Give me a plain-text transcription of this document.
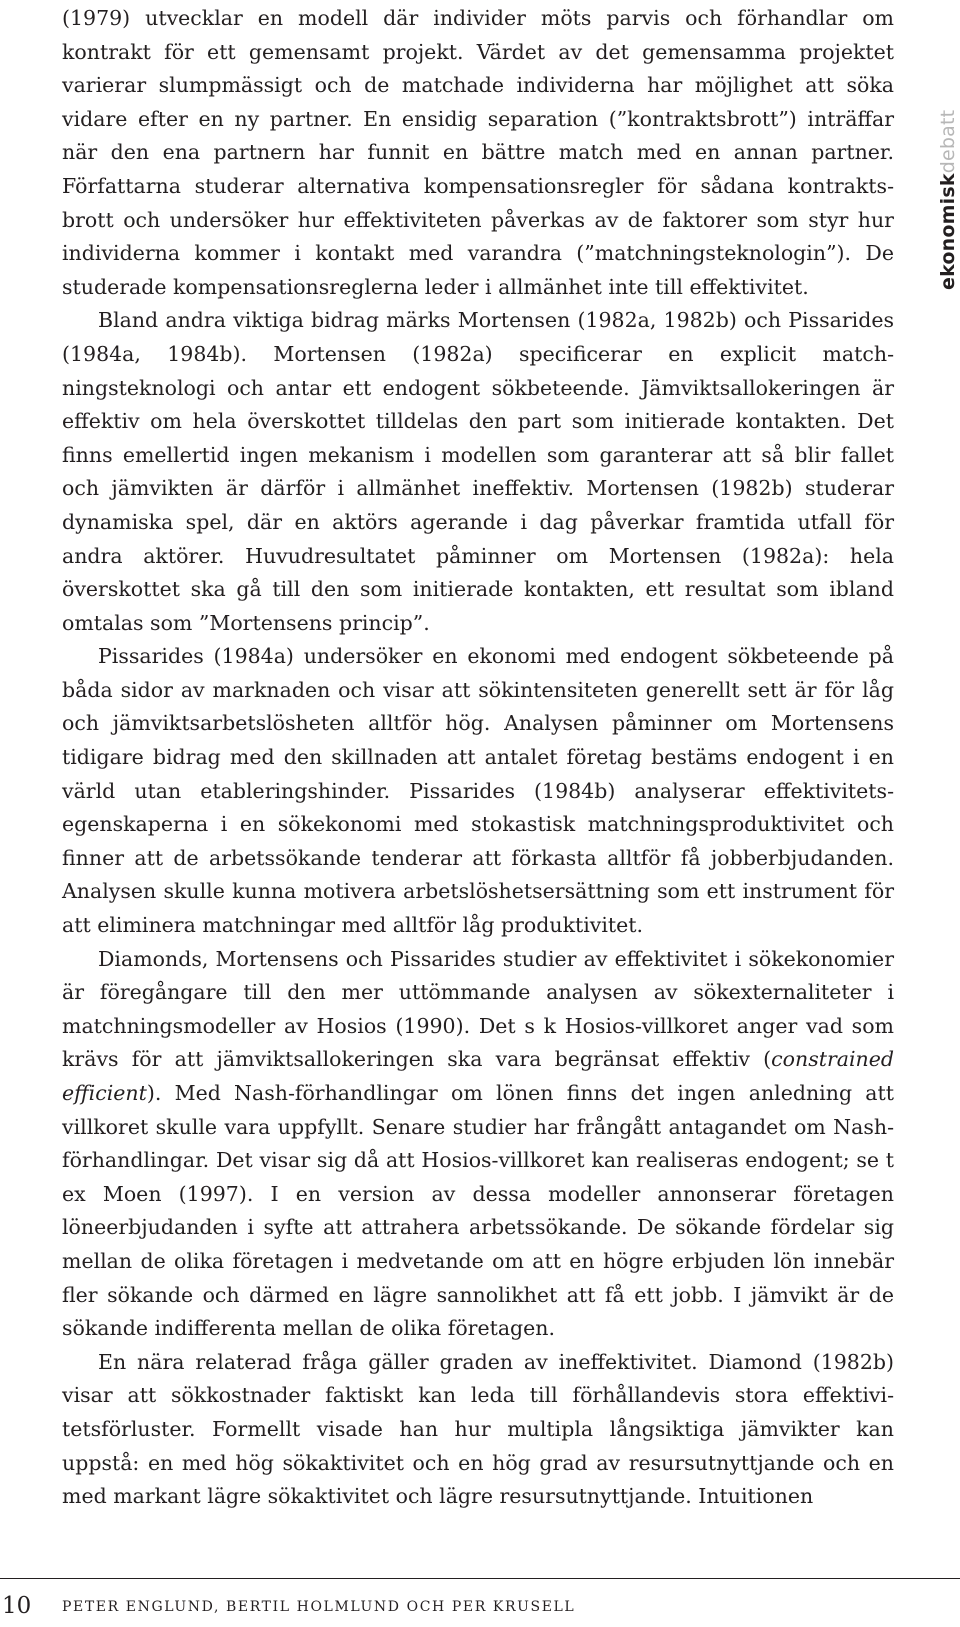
(1979) utvecklar en modell där individer möts parvis och förhandlar om kontrakt för ett gemensamt projekt. Värdet av det gemensamma projektet varierar slumpmässigt och de matchade individerna har möjlighet att söka vidare efter en ny partner. En ensidig separation (”kontraktsbrott”) inträffar när den ena partnern har funnit en bättre match med en annan partner. Författarna studerar alternativa kompensationsregler för sådana kontraktsbrott och undersöker hur effektiviteten påverkas av de faktorer som styr hur individerna kommer i kontakt med varandra (”matchningsteknologin”). De studerade kompensationsreglerna leder i allmänhet inte till effektivitet.

Bland andra viktiga bidrag märks Mortensen (1982a, 1982b) och Pissarides (1984a, 1984b). Mortensen (1982a) specificerar en explicit matchningsteknologi och antar ett endogent sökbeteende. Jämviktsallokeringen är effektiv om hela överskottet tilldelas den part som initierade kontakten. Det finns emellertid ingen mekanism i modellen som garanterar att så blir fallet och jämvikten är därför i allmänhet ineffektiv. Mortensen (1982b) studerar dynamiska spel, där en aktörs agerande i dag påverkar framtida utfall för andra aktörer. Huvudresultatet påminner om Mortensen (1982a): hela överskottet ska gå till den som initierade kontakten, ett resultat som ibland omtalas som ”Mortensens princip”.

Pissarides (1984a) undersöker en ekonomi med endogent sökbeteende på båda sidor av marknaden och visar att sökintensiteten generellt sett är för låg och jämviktsarbetslösheten alltför hög. Analysen påminner om Mortensens tidigare bidrag med den skillnaden att antalet företag bestäms endogent i en värld utan etableringshinder. Pissarides (1984b) analyserar effektivitetsegenskaperna i en sökekonomi med stokastisk matchningsproduktivitet och finner att de arbetssökande tenderar att förkasta alltför få jobberbjudanden. Analysen skulle kunna motivera arbetslöshetsersättning som ett instrument för att eliminera matchningar med alltför låg produktivitet.

Diamonds, Mortensens och Pissarides studier av effektivitet i sökekonomier är föregångare till den mer uttömmande analysen av sökexternaliteter i matchningsmodeller av Hosios (1990). Det s k Hosios-villkoret anger vad som krävs för att jämviktsallokeringen ska vara begränsat effektiv (constrained efficient). Med Nash-förhandlingar om lönen finns det ingen anledning att villkoret skulle vara uppfyllt. Senare studier har frångått antagandet om Nash-förhandlingar. Det visar sig då att Hosios-villkoret kan realiseras endogent; se t ex Moen (1997). I en version av dessa modeller annonserar företagen löneerbjudanden i syfte att attrahera arbetssökande. De sökande fördelar sig mellan de olika företagen i medvetande om att en högre erbjuden lön innebär fler sökande och därmed en lägre sannolikhet att få ett jobb. I jämvikt är de sökande indifferenta mellan de olika företagen.

En nära relaterad fråga gäller graden av ineffektivitet. Diamond (1982b) visar att sökkostnader faktiskt kan leda till förhållandevis stora effektivitetsförluster. Formellt visade han hur multipla långsiktiga jämvikter kan uppstå: en med hög sökaktivitet och en hög grad av resursutnyttjande och en med markant lägre sökaktivitet och lägre resursutnyttjande. Intuitionen

ekonomiskdebatt
10 PETER ENGLUND, BERTIL HOLMLUND OCH PER KRUSELL
